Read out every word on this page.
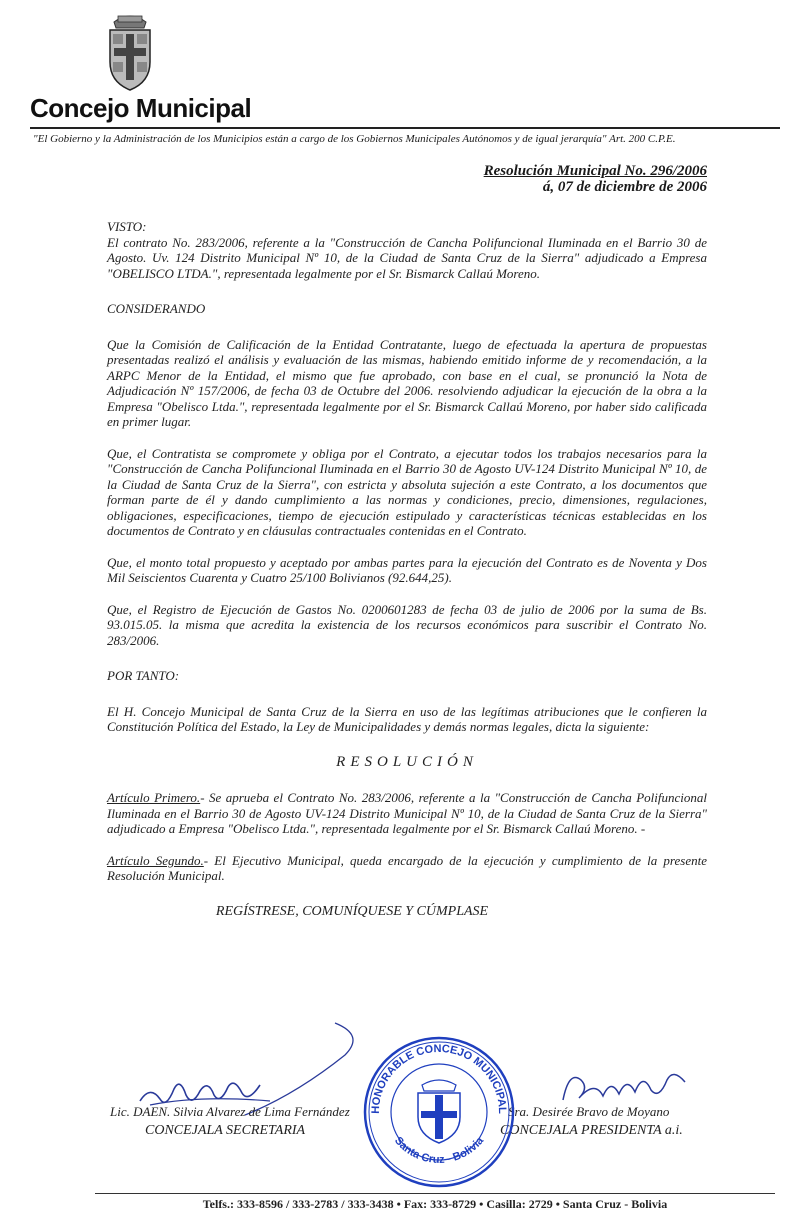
Concejo Municipal
"El Gobierno y la Administración de los Municipios están a cargo de los Gobiernos Municipales Autónomos y de igual jerarquía" Art. 200 C.P.E.
Resolución Municipal No. 296/2006
á, 07 de diciembre de 2006

VISTO:

El contrato No. 283/2006, referente a la "Construcción de Cancha Polifuncional Iluminada en el Barrio 30 de Agosto. Uv. 124 Distrito Municipal Nº 10, de la Ciudad de Santa Cruz de la Sierra" adjudicado a Empresa "OBELISCO LTDA.", representada legalmente por el Sr. Bismarck Callaú Moreno.

CONSIDERANDO

Que la Comisión de Calificación de la Entidad Contratante, luego de efectuada la apertura de propuestas presentadas realizó el análisis y evaluación de las mismas, habiendo emitido informe de y recomendación, a la ARPC Menor de la Entidad, el mismo que fue aprobado, con base en el cual, se pronunció la Nota de Adjudicación Nº 157/2006, de fecha 03 de Octubre del 2006. resolviendo adjudicar la ejecución de la obra a la Empresa "Obelisco Ltda.", representada legalmente por el Sr. Bismarck Callaú Moreno, por haber sido calificada en primer lugar.

Que, el Contratista se compromete y obliga por el Contrato, a ejecutar todos los trabajos necesarios para la "Construcción de Cancha Polifuncional Iluminada en el Barrio 30 de Agosto UV-124 Distrito Municipal Nº 10, de la Ciudad de Santa Cruz de la Sierra", con estricta y absoluta sujeción a este Contrato, a los documentos que forman parte de él y dando cumplimiento a las normas y condiciones, precio, dimensiones, regulaciones, obligaciones, especificaciones, tiempo de ejecución estipulado y características técnicas establecidas en los documentos de Contrato y en cláusulas contractuales contenidas en el Contrato.

Que, el monto total propuesto y aceptado por ambas partes para la ejecución del Contrato es de Noventa y Dos Mil Seiscientos Cuarenta y Cuatro 25/100 Bolivianos (92.644,25).

Que, el Registro de Ejecución de Gastos No. 0200601283 de fecha 03 de julio de 2006 por la suma de Bs. 93.015.05. la misma que acredita la existencia de los recursos económicos para suscribir el Contrato No. 283/2006.

POR TANTO:

El H. Concejo Municipal de Santa Cruz de la Sierra en uso de las legítimas atribuciones que le confieren la Constitución Política del Estado, la Ley de Municipalidades y demás normas legales, dicta la siguiente:

RESOLUCIÓN

Artículo Primero.- Se aprueba el Contrato No. 283/2006, referente a la "Construcción de Cancha Polifuncional Iluminada en el Barrio 30 de Agosto UV-124 Distrito Municipal Nº 10, de la Ciudad de Santa Cruz de la Sierra" adjudicado a Empresa "Obelisco Ltda.", representada legalmente por el Sr. Bismarck Callaú Moreno. -

Artículo Segundo.- El Ejecutivo Municipal, queda encargado de la ejecución y cumplimiento de la presente Resolución Municipal.

REGÍSTRESE, COMUNÍQUESE Y CÚMPLASE

Lic. DAEN. Silvia Alvarez de Lima Fernández
CONCEJALA SECRETARIA
Sra. Desirée Bravo de Moyano
CONCEJALA PRESIDENTA a.i.
HONORABLE CONCEJO MUNICIPAL
Santa Cruz - Bolivia
Telfs.: 333-8596 / 333-2783 / 333-3438 • Fax: 333-8729 • Casilla: 2729 • Santa Cruz - Bolivia
